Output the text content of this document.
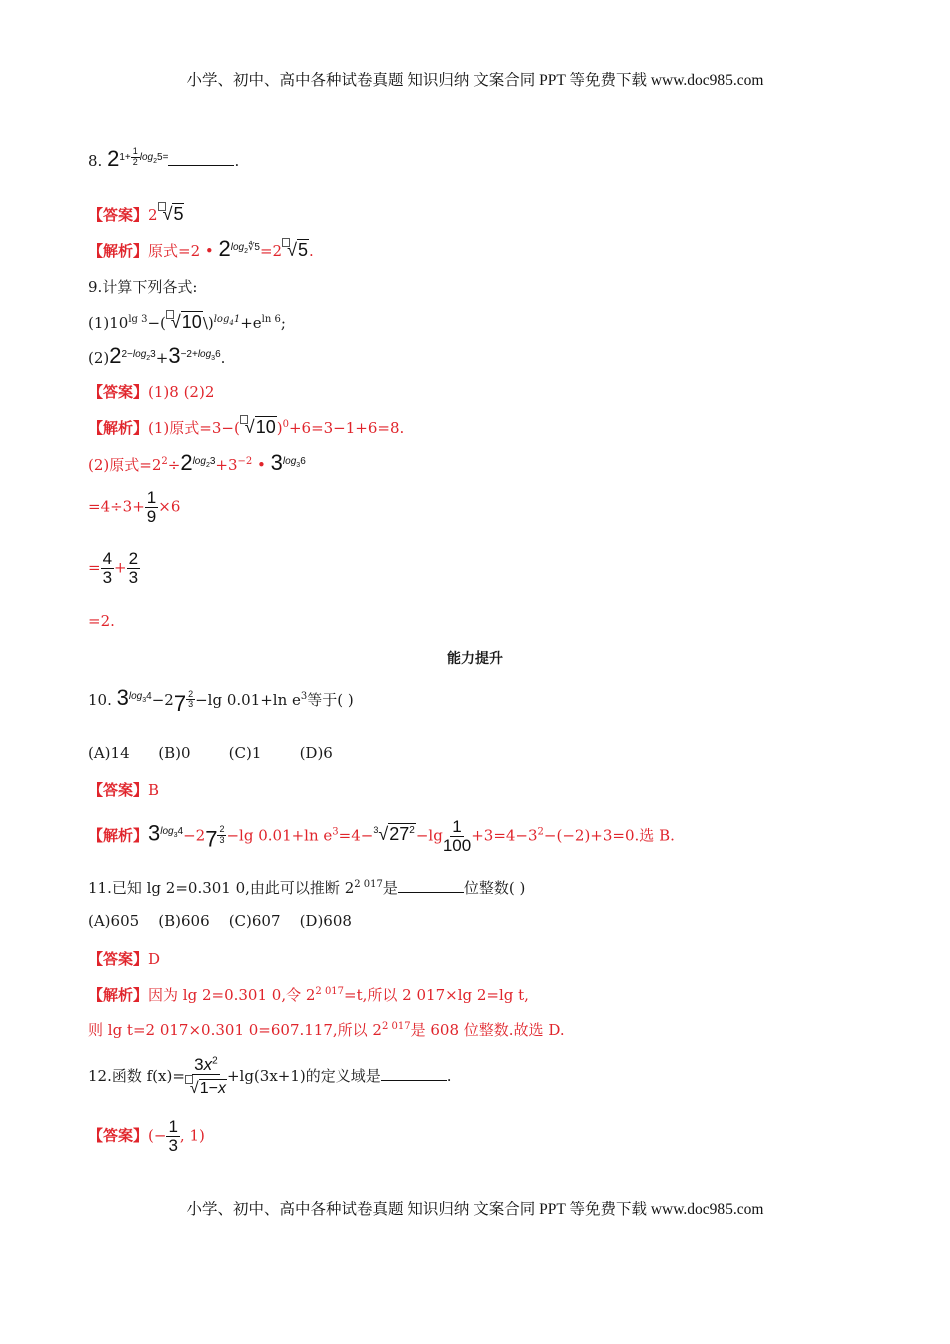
小学、初中、高中各种试卷真题 知识归纳 文案合同 PPT 等免费下载 www.doc985.com
8. $2^{1+ \frac{1}{2} log_25=}$	.
【答案】2 √5
【解析】原式=2 • $2^{log_2∜5}=2$ √5.
9.计算下列各式:
$(1)10^{lg 3}-$( $√10\backslash)^{log_41}+e^{ln 6}$;
$(2)2^{2-log_23}+3^{-2+log_36}$.
【答案】(1)8 (2)2
【解析】(1)原式=3−( √10)$^0$+6=3−1+6=8.
(2)原式$=2^2\div 2^{log_23}+3^{-2}$ • $3^{log_36}$
$=4\div 3+ \frac{1}{9} \times 6$
= $\frac{4}{3} + \frac{2}{3}$
=2.
能力提升
10. $3^{log_34}-27$ $^{\frac{2}{3}}$ −lg 0.01+ln $e^3$等于( )
(A)14 (B)0	(C)1	(D)6
【答案】B
【解析】$3^{log_34}-27$ $^{\frac{2}{3}}$ −lg 0.01+ln $e^3=4-^3√27^2-\lg \frac{1}{100} +3=4-3^2-(-2)+3=0$.选 B.
11.已知 lg 2=0.301 0,由此可以推断 $2^{2 017}$是	位整数( )
(A)605 (B)606 (C)607 (D)608
【答案】D
【解析】因为 lg 2=0.301 0,令 $2^{2 017}=t$,所以 2 017×lg 2=lg t,
则 lg t=2 017×0.301 0=607.117,所以 $2^{2 017}$是 608 位整数.故选 D.
12.函数 $f(x)= \frac{3x^2}{√1-x} +\lg(3x+1)$的定义域是	.
【答案】(− $\frac{1}{3}$ , 1)
小学、初中、高中各种试卷真题 知识归纳 文案合同 PPT 等免费下载 www.doc985.com
